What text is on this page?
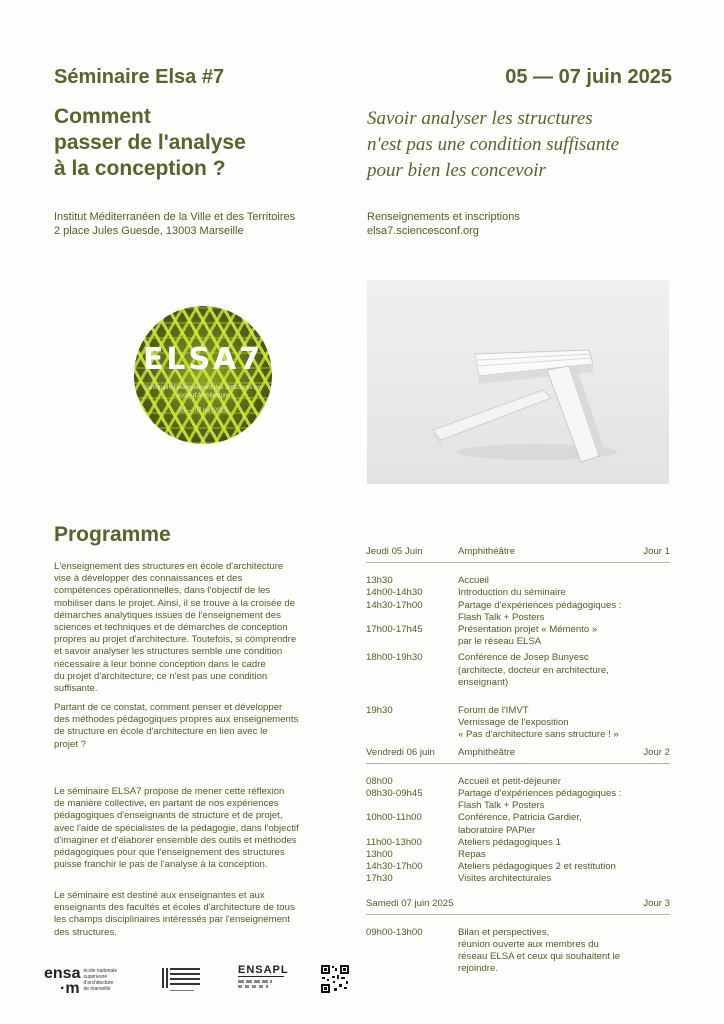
Séminaire Elsa #7	05 — 07 juin 2025
Comment
passer de l'analyse
à la conception ?
Savoir analyser les structures
n'est pas une condition suffisante
pour bien les concevoir
Institut Méditerranéen de la Ville et des Territoires
2 place Jules Guesde, 13003 Marseille
Renseignements et inscriptions
elsa7.sciencesconf.org
ELSA7
Séminaire Enseignement des Structures en école d'Architecture
05 — 07 juin 2025
Programme
L'enseignement des structures en école d'architecture
vise à développer des connaissances et des
compétences opérationnelles, dans l'objectif de les
mobiliser dans le projet. Ainsi, il se trouve à la croisée de
démarches analytiques issues de l'enseignement des
sciences et techniques et de démarches de conception
propres au projet d'architecture. Toutefois, si comprendre
et savoir analyser les structures semble une condition
nécessaire à leur bonne conception dans le cadre
du projet d'architecture, ce n'est pas une condition
suffisante.
Partant de ce constat, comment penser et développer
des méthodes pédagogiques propres aux enseignements
de structure en école d'architecture en lien avec le
projet ?
Le séminaire ELSA7 propose de mener cette réflexion
de manière collective, en partant de nos expériences
pédagogiques d'enseignants de structure et de projet,
avec l'aide de spécialistes de la pédagogie, dans l'objectif
d'imaginer et d'élaborer ensemble des outils et méthodes
pédagogiques pour que l'enseignement des structures
puisse franchir le pas de l'analyse à la conception.
Le séminaire est destiné aux enseignantes et aux
enseignants des facultés et écoles d'architecture de tous
les champs disciplinaires intéressés par l'enseignement
des structures.
Jeudi 05 Juin	Amphithéâtre	Jour 1
13h30	Accueil
14h00-14h30	Introduction du séminaire
14h30-17h00	Partage d'expériences pédagogiques :
Flash Talk + Posters
17h00-17h45	Présentation projet « Mémento »
par le réseau ELSA
18h00-19h30	Conférence de Josep Bunyesc
(architecte, docteur en architecture,
enseignant)
19h30	Forum de l'IMVT
Vernissage de l'exposition
« Pas d'architecture sans structure ! »
Vendredi 06 juin	Amphithéâtre	Jour 2
08h00	Accueil et petit-déjeuner
08h30-09h45	Partage d'expériences pédagogiques :
Flash Talk + Posters
10h00-11h00	Conférence, Patricia Gardier,
laboratoire PAPier
11h00-13h00	Ateliers pédagogiques 1
13h00	Repas
14h30-17h00	Ateliers pédagogiques 2 et restitution
17h30	Visites architecturales
Samedi 07 juin 2025	Jour 3
09h00-13h00	Bilan et perspectives,
réunion ouverte aux membres du
réseau ELSA et ceux qui souhaitent le
rejoindre.
ensa
·m
école nationale
supérieure
d'architecture
de marseille
ENSAPL
